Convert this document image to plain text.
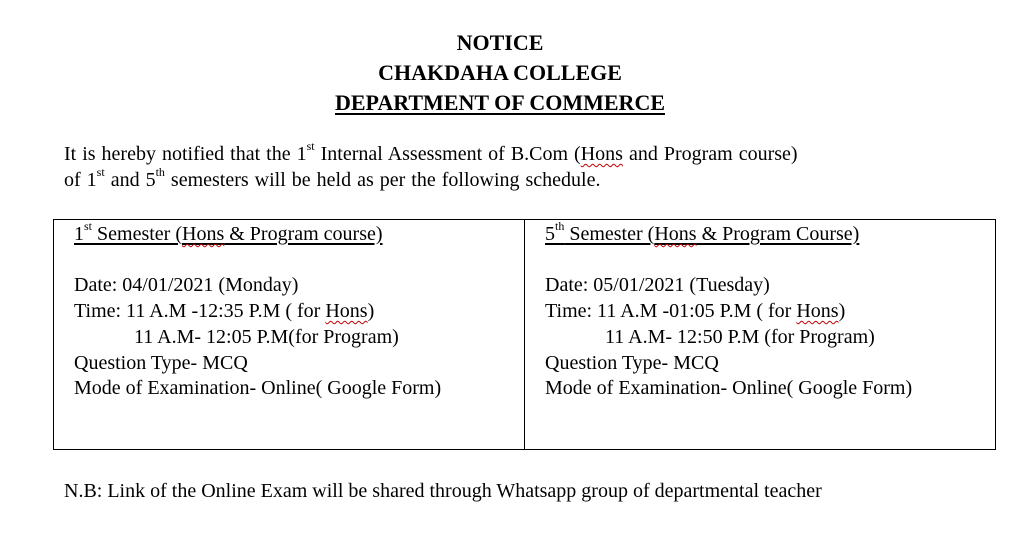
NOTICE
CHAKDAHA COLLEGE
DEPARTMENT OF COMMERCE
It is hereby notified that the 1st Internal Assessment of B.Com (Hons and Program course)
of 1st and 5th semesters will be held as per the following schedule.
1st Semester (Hons & Program course)
Date: 04/01/2021 (Monday)
Time: 11 A.M -12:35 P.M ( for Hons)
11 A.M- 12:05 P.M(for Program)
Question Type- MCQ
Mode of Examination- Online( Google Form)
5th Semester (Hons & Program Course)
Date: 05/01/2021 (Tuesday)
Time: 11 A.M -01:05 P.M ( for Hons)
11 A.M- 12:50 P.M (for Program)
Question Type- MCQ
Mode of Examination- Online( Google Form)
N.B: Link of the Online Exam will be shared through Whatsapp group of departmental teacher
